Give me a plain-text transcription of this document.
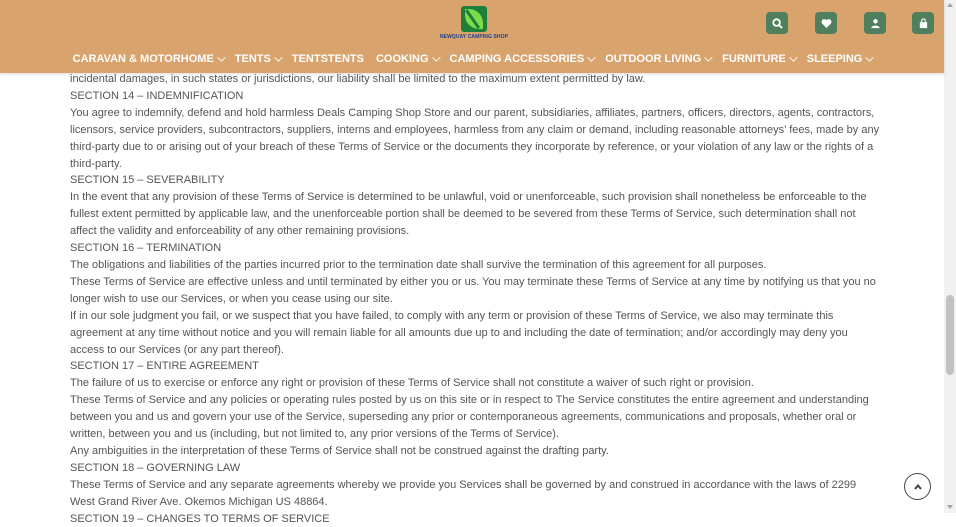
NEWQUAY CAMPING SHOP
CARAVAN & MOTORHOME TENTS TENTSTENTS COOKING CAMPING ACCESSORIES OUTDOOR LIVING FURNITURE SLEEPING

incidental damages, in such states or jurisdictions, our liability shall be limited to the maximum extent permitted by law.

SECTION 14 – INDEMNIFICATION

You agree to indemnify, defend and hold harmless Deals Camping Shop Store and our parent, subsidiaries, affiliates, partners, officers, directors, agents, contractors, licensors, service providers, subcontractors, suppliers, interns and employees, harmless from any claim or demand, including reasonable attorneys’ fees, made by any third-party due to or arising out of your breach of these Terms of Service or the documents they incorporate by reference, or your violation of any law or the rights of a third-party.

SECTION 15 – SEVERABILITY

In the event that any provision of these Terms of Service is determined to be unlawful, void or unenforceable, such provision shall nonetheless be enforceable to the fullest extent permitted by applicable law, and the unenforceable portion shall be deemed to be severed from these Terms of Service, such determination shall not affect the validity and enforceability of any other remaining provisions.

SECTION 16 – TERMINATION

The obligations and liabilities of the parties incurred prior to the termination date shall survive the termination of this agreement for all purposes.

These Terms of Service are effective unless and until terminated by either you or us. You may terminate these Terms of Service at any time by notifying us that you no longer wish to use our Services, or when you cease using our site.

If in our sole judgment you fail, or we suspect that you have failed, to comply with any term or provision of these Terms of Service, we also may terminate this agreement at any time without notice and you will remain liable for all amounts due up to and including the date of termination; and/or accordingly may deny you access to our Services (or any part thereof).

SECTION 17 – ENTIRE AGREEMENT

The failure of us to exercise or enforce any right or provision of these Terms of Service shall not constitute a waiver of such right or provision.

These Terms of Service and any policies or operating rules posted by us on this site or in respect to The Service constitutes the entire agreement and understanding between you and us and govern your use of the Service, superseding any prior or contemporaneous agreements, communications and proposals, whether oral or written, between you and us (including, but not limited to, any prior versions of the Terms of Service).

Any ambiguities in the interpretation of these Terms of Service shall not be construed against the drafting party.

SECTION 18 – GOVERNING LAW

These Terms of Service and any separate agreements whereby we provide you Services shall be governed by and construed in accordance with the laws of 2299 West Grand River Ave. Okemos Michigan US 48864.

SECTION 19 – CHANGES TO TERMS OF SERVICE
